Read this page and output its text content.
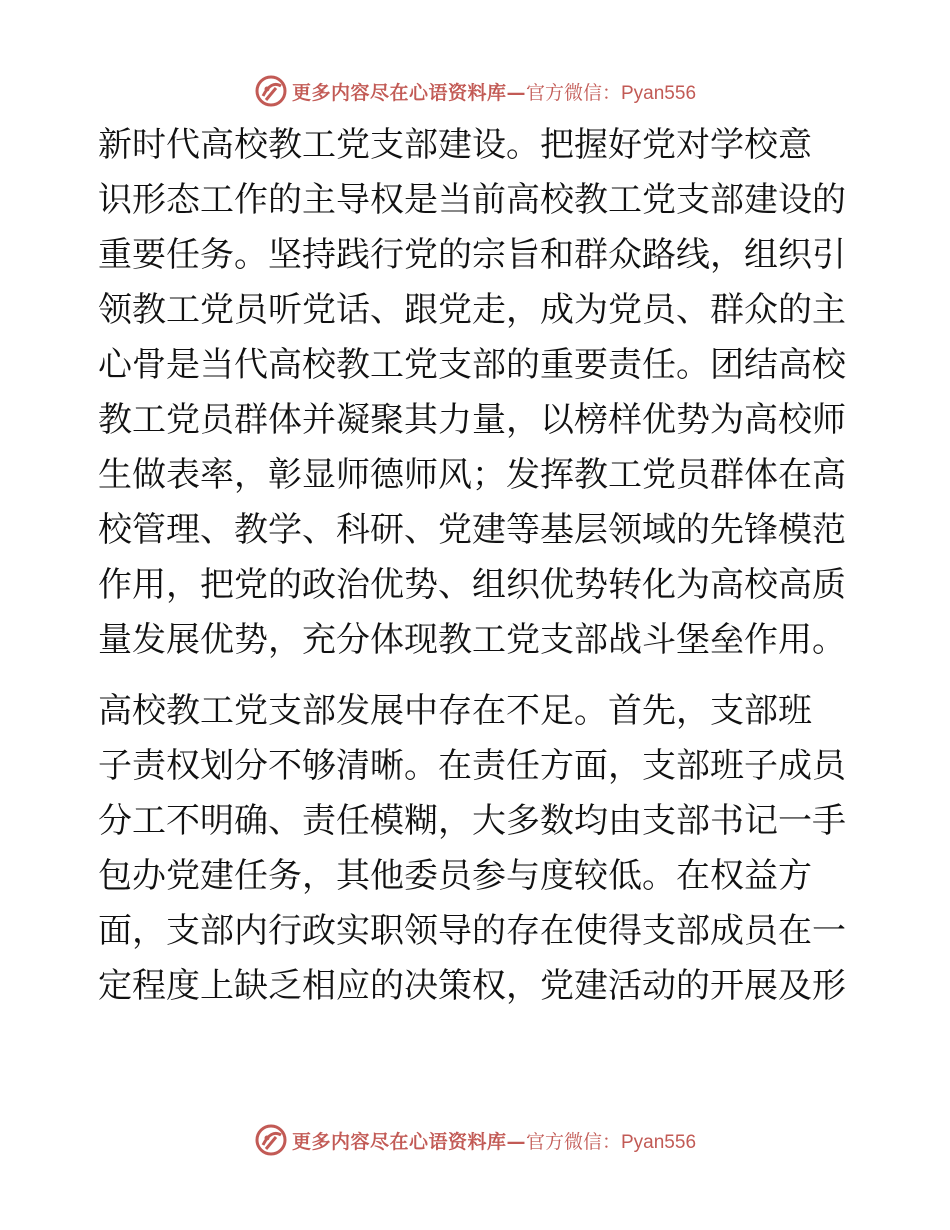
更多内容尽在心语资料库— 官方微信：Pyan556
新时代高校教工党支部建设。把握好党对学校意
识形态工作的主导权是当前高校教工党支部建设的
重要任务。坚持践行党的宗旨和群众路线，组织引
领教工党员听党话、跟党走，成为党员、群众的主
心骨是当代高校教工党支部的重要责任。团结高校
教工党员群体并凝聚其力量，以榜样优势为高校师
生做表率，彰显师德师风；发挥教工党员群体在高
校管理、教学、科研、党建等基层领域的先锋模范
作用，把党的政治优势、组织优势转化为高校高质
量发展优势，充分体现教工党支部战斗堡垒作用。
高校教工党支部发展中存在不足。首先，支部班
子责权划分不够清晰。在责任方面，支部班子成员
分工不明确、责任模糊，大多数均由支部书记一手
包办党建任务，其他委员参与度较低。在权益方
面，支部内行政实职领导的存在使得支部成员在一
定程度上缺乏相应的决策权，党建活动的开展及形
更多内容尽在心语资料库— 官方微信：Pyan556
